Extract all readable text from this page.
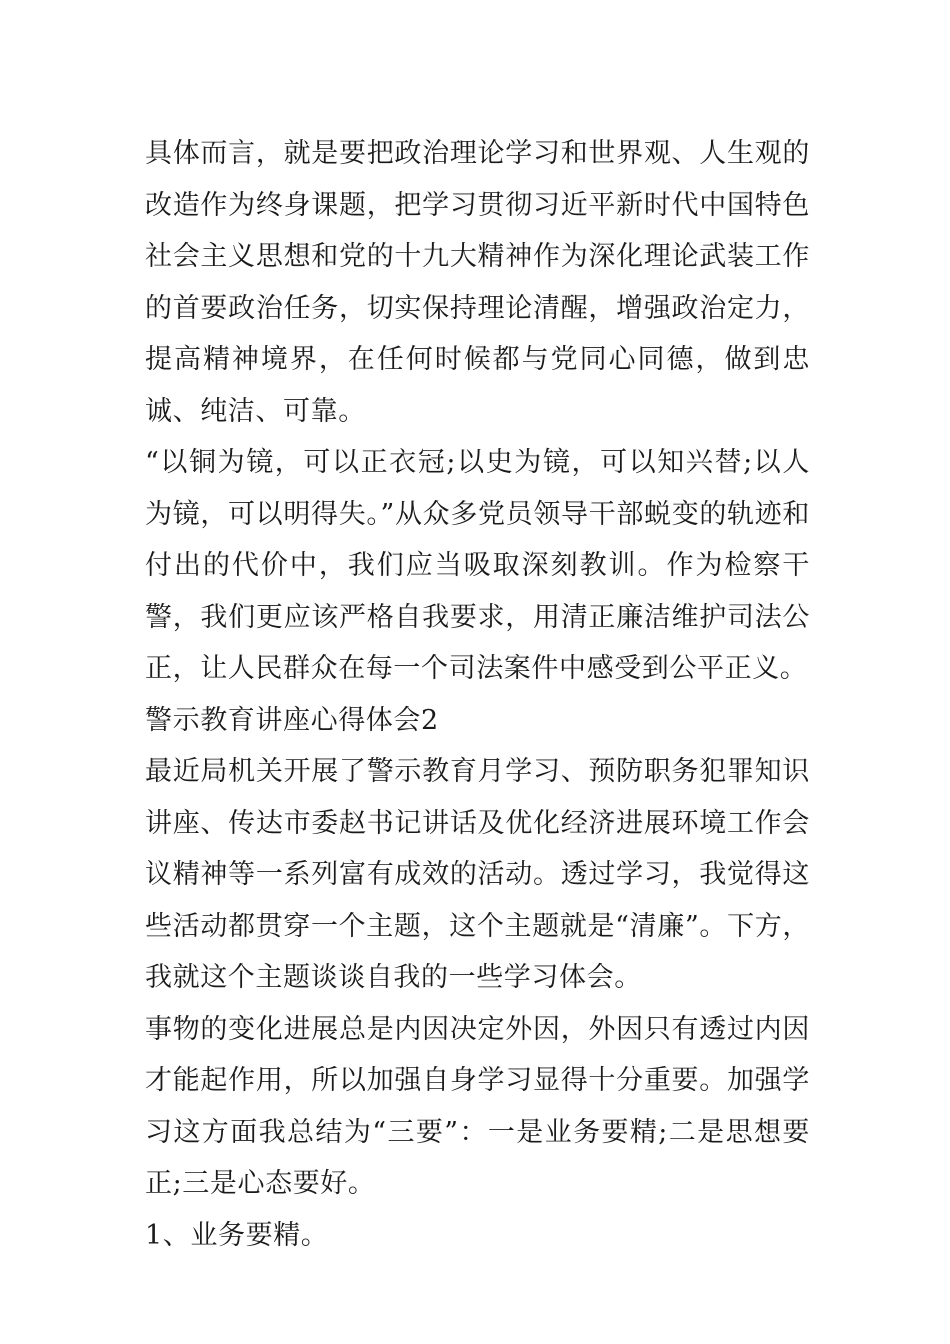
具体而言，就是要把政治理论学习和世界观、人生观的改造作为终身课题，把学习贯彻习近平新时代中国特色社会主义思想和党的十九大精神作为深化理论武装工作的首要政治任务，切实保持理论清醒，增强政治定力，提高精神境界，在任何时候都与党同心同德，做到忠诚、纯洁、可靠。

“以铜为镜，可以正衣冠;以史为镜，可以知兴替;以人为镜，可以明得失。”从众多党员领导干部蜕变的轨迹和付出的代价中，我们应当吸取深刻教训。作为检察干警，我们更应该严格自我要求，用清正廉洁维护司法公正，让人民群众在每一个司法案件中感受到公平正义。

警示教育讲座心得体会2

最近局机关开展了警示教育月学习、预防职务犯罪知识讲座、传达市委赵书记讲话及优化经济进展环境工作会议精神等一系列富有成效的活动。透过学习，我觉得这些活动都贯穿一个主题，这个主题就是“清廉”。下方，我就这个主题谈谈自我的一些学习体会。

事物的变化进展总是内因决定外因，外因只有透过内因才能起作用，所以加强自身学习显得十分重要。加强学习这方面我总结为“三要”：一是业务要精;二是思想要正;三是心态要好。

1、业务要精。
